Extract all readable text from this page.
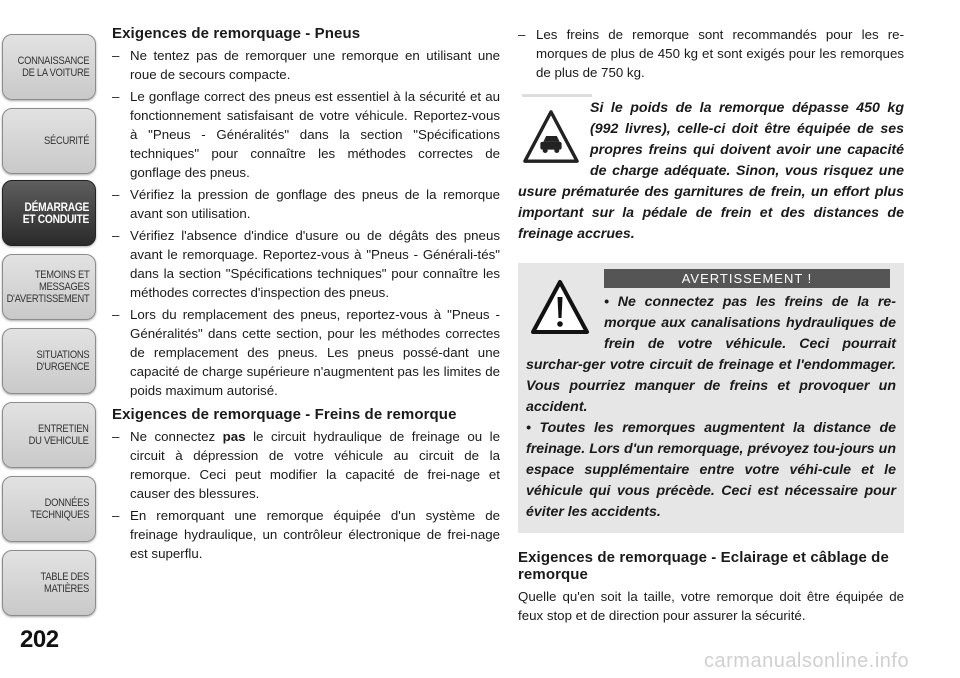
CONNAISSANCE
DE LA VOITURE
SÉCURITÉ
DÉMARRAGE
ET CONDUITE
TEMOINS ET
MESSAGES
D'AVERTISSEMENT
SITUATIONS
D'URGENCE
ENTRETIEN
DU VEHICULE
DONNÉES
TECHNIQUES
TABLE DES
MATIÈRES
202
Exigences de remorquage - Pneus
– Ne tentez pas de remorquer une remorque en utilisant une roue de secours compacte.
– Le gonflage correct des pneus est essentiel à la sécurité et au fonctionnement satisfaisant de votre véhicule. Reportez-vous à "Pneus - Généralités" dans la section "Spécifications techniques" pour connaître les méthodes correctes de gonflage des pneus.
– Vérifiez la pression de gonflage des pneus de la remorque avant son utilisation.
– Vérifiez l'absence d'indice d'usure ou de dégâts des pneus avant le remorquage. Reportez-vous à "Pneus - Générali-tés" dans la section "Spécifications techniques" pour connaître les méthodes correctes d'inspection des pneus.
– Lors du remplacement des pneus, reportez-vous à "Pneus - Généralités" dans cette section, pour les méthodes correctes de remplacement des pneus. Les pneus possé-dant une capacité de charge supérieure n'augmentent pas les limites de poids maximum autorisé.
Exigences de remorquage - Freins de remorque
– Ne connectez pas le circuit hydraulique de freinage ou le circuit à dépression de votre véhicule au circuit de la remorque. Ceci peut modifier la capacité de frei-nage et causer des blessures.
– En remorquant une remorque équipée d'un système de freinage hydraulique, un contrôleur électronique de frei-nage est superflu.
– Les freins de remorque sont recommandés pour les re-morques de plus de 450 kg et sont exigés pour les remorques de plus de 750 kg.

Si le poids de la remorque dépasse 450 kg (992 livres), celle-ci doit être équipée de ses propres freins qui doivent avoir une capacité de charge adéquate. Sinon, vous risquez une usure prématurée des garnitures de frein, un effort plus important sur la pédale de frein et des distances de freinage accrues.

AVERTISSEMENT !

• Ne connectez pas les freins de la re-morque aux canalisations hydrauliques de frein de votre véhicule. Ceci pourrait surchar-ger votre circuit de freinage et l'endommager. Vous pourriez manquer de freins et provoquer un accident.

• Toutes les remorques augmentent la distance de freinage. Lors d'un remorquage, prévoyez tou-jours un espace supplémentaire entre votre véhi-cule et le véhicule qui vous précède. Ceci est nécessaire pour éviter les accidents.

Exigences de remorquage - Eclairage et câblage de remorque

Quelle qu'en soit la taille, votre remorque doit être équipée de feux stop et de direction pour assurer la sécurité.

carmanualsonline.info
